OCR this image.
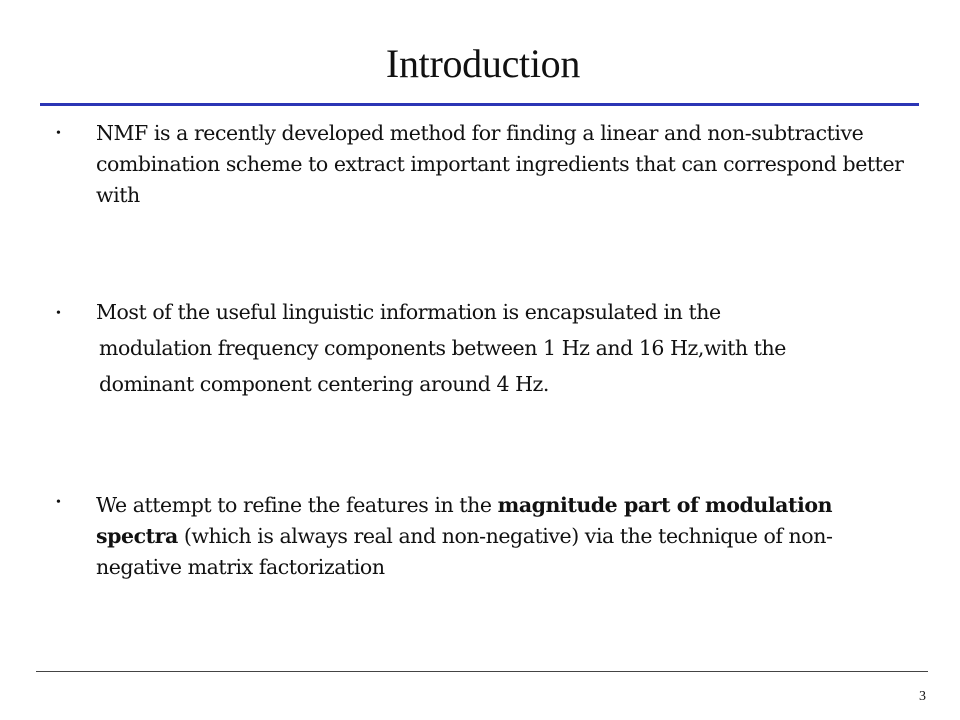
Introduction
• NMF is a recently developed method for finding a linear and non-subtractive combination scheme to extract important ingredients that can correspond better with
• Most of the useful linguistic information is encapsulated in the
modulation frequency components between 1 Hz and 16 Hz,with the
dominant component centering around 4 Hz.
• We attempt to refine the features in the magnitude part of modulation spectra (which is always real and non-negative) via the technique of non-negative matrix factorization
3
